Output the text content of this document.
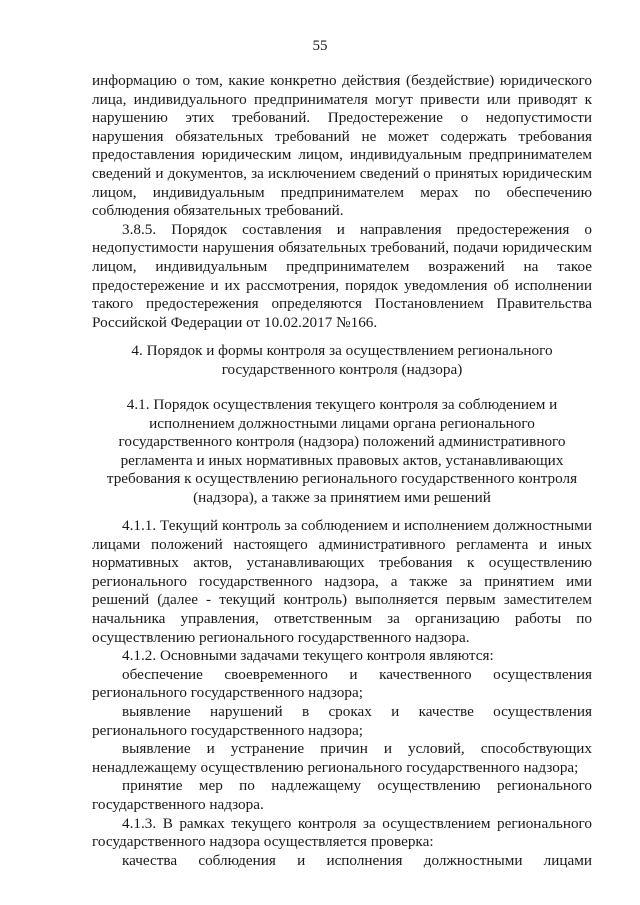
55

информацию о том, какие конкретно действия (бездействие) юридического лица, индивидуального предпринимателя могут привести или приводят к нарушению этих требований. Предостережение о недопустимости нарушения обязательных требований не может содержать требования предоставления юридическим лицом, индивидуальным предпринимателем сведений и документов, за исключением сведений о принятых юридическим лицом, индивидуальным предпринимателем мерах по обеспечению соблюдения обязательных требований.

3.8.5. Порядок составления и направления предостережения о недопустимости нарушения обязательных требований, подачи юридическим лицом, индивидуальным предпринимателем возражений на такое предостережение и их рассмотрения, порядок уведомления об исполнении такого предостережения определяются Постановлением Правительства Российской Федерации от 10.02.2017 №166.

4. Порядок и формы контроля за осуществлением регионального государственного контроля (надзора)

4.1. Порядок осуществления текущего контроля за соблюдением и исполнением должностными лицами органа регионального государственного контроля (надзора) положений административного регламента и иных нормативных правовых актов, устанавливающих требования к осуществлению регионального государственного контроля (надзора), а также за принятием ими решений

4.1.1. Текущий контроль за соблюдением и исполнением должностными лицами положений настоящего административного регламента и иных нормативных актов, устанавливающих требования к осуществлению регионального государственного надзора, а также за принятием ими решений (далее - текущий контроль) выполняется первым заместителем начальника управления, ответственным за организацию работы по осуществлению регионального государственного надзора.

4.1.2. Основными задачами текущего контроля являются:

обеспечение своевременного и качественного осуществления регионального государственного надзора;

выявление нарушений в сроках и качестве осуществления регионального государственного надзора;

выявление и устранение причин и условий, способствующих ненадлежащему осуществлению регионального государственного надзора;

принятие мер по надлежащему осуществлению регионального государственного надзора.

4.1.3. В рамках текущего контроля за осуществлением регионального государственного надзора осуществляется проверка:

качества соблюдения и исполнения должностными лицами
